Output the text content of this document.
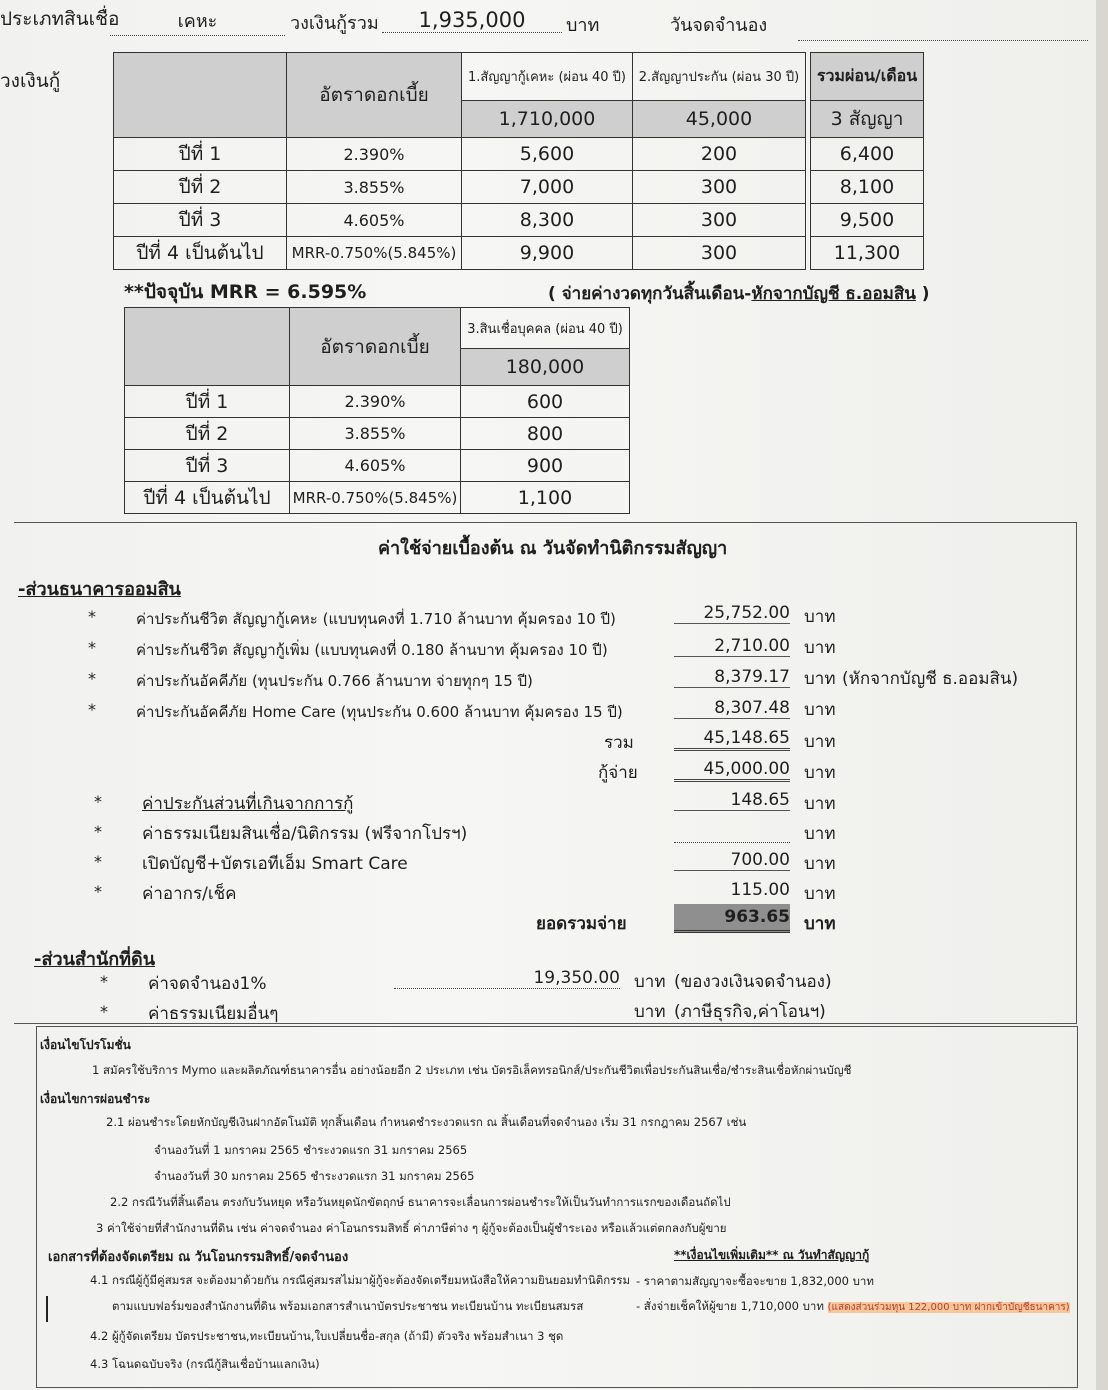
ประเภทสินเชื่อ	เคหะ	วงเงินกู้รวม	1,935,000	บาท	วันจดจำนอง
วงเงินกู้
	อัตราดอกเบี้ย	1.สัญญากู้เคหะ (ผ่อน 40 ปี)	2.สัญญาประกัน (ผ่อน 30 ปี)		รวมผ่อน/เดือน
		1,710,000	45,000		3 สัญญา
ปีที่ 1	2.390%	5,600	200		6,400
ปีที่ 2	3.855%	7,000	300		8,100
ปีที่ 3	4.605%	8,300	300		9,500
ปีที่ 4 เป็นต้นไป	MRR-0.750%(5.845%)	9,900	300		11,300
**ปัจจุบัน MRR = 6.595%	( จ่ายค่างวดทุกวันสิ้นเดือน-หักจากบัญชี ธ.ออมสิน )
	อัตราดอกเบี้ย	3.สินเชื่อบุคคล (ผ่อน 40 ปี)
		180,000
ปีที่ 1	2.390%	600
ปีที่ 2	3.855%	800
ปีที่ 3	4.605%	900
ปีที่ 4 เป็นต้นไป	MRR-0.750%(5.845%)	1,100
ค่าใช้จ่ายเบื้องต้น ณ วันจัดทำนิติกรรมสัญญา
-ส่วนธนาคารออมสิน
*	ค่าประกันชีวิต สัญญากู้เคหะ (แบบทุนคงที่ 1.710 ล้านบาท คุ้มครอง 10 ปี)	25,752.00 บาท
*	ค่าประกันชีวิต สัญญากู้เพิ่ม (แบบทุนคงที่ 0.180 ล้านบาท คุ้มครอง 10 ปี)	2,710.00 บาท
*	ค่าประกันอัคคีภัย (ทุนประกัน 0.766 ล้านบาท จ่ายทุกๆ 15 ปี)	8,379.17 บาท (หักจากบัญชี ธ.ออมสิน)
*	ค่าประกันอัคคีภัย Home Care (ทุนประกัน 0.600 ล้านบาท คุ้มครอง 15 ปี)	8,307.48 บาท
รวม	45,148.65 บาท
กู้จ่าย	45,000.00 บาท
* ค่าประกันส่วนที่เกินจากการกู้	148.65 บาท
* ค่าธรรมเนียมสินเชื่อ/นิติกรรม (ฟรีจากโปรฯ)	บาท
* เปิดบัญชี+บัตรเอทีเอ็ม Smart Care	700.00 บาท
* ค่าอากร/เช็ค	115.00 บาท
ยอดรวมจ่าย	963.65 บาท
-ส่วนสำนักที่ดิน
* ค่าจดจำนอง1%	19,350.00 บาท (ของวงเงินจดจำนอง)
* ค่าธรรมเนียมอื่นๆ	บาท (ภาษีธุรกิจ,ค่าโอนฯ)
เงื่อนไขโปรโมชั่น
1 สมัครใช้บริการ Mymo และผลิตภัณฑ์ธนาคารอื่น อย่างน้อยอีก 2 ประเภท เช่น บัตรอิเล็คทรอนิกส์/ประกันชีวิตเพื่อประกันสินเชื่อ/ชำระสินเชื่อหักผ่านบัญชี
เงื่อนไขการผ่อนชำระ
2.1 ผ่อนชำระโดยหักบัญชีเงินฝากอัตโนมัติ ทุกสิ้นเดือน กำหนดชำระงวดแรก ณ สิ้นเดือนที่จดจำนอง เริ่ม 31 กรกฎาคม 2567 เช่น
จำนองวันที่ 1 มกราคม 2565 ชำระงวดแรก 31 มกราคม 2565
จำนองวันที่ 30 มกราคม 2565 ชำระงวดแรก 31 มกราคม 2565
2.2 กรณีวันที่สิ้นเดือน ตรงกับวันหยุด หรือวันหยุดนักขัตฤกษ์ ธนาคารจะเลื่อนการผ่อนชำระให้เป็นวันทำการแรกของเดือนถัดไป
3 ค่าใช้จ่ายที่สำนักงานที่ดิน เช่น ค่าจดจำนอง ค่าโอนกรรมสิทธิ์ ค่าภาษีต่าง ๆ ผู้กู้จะต้องเป็นผู้ชำระเอง หรือแล้วแต่ตกลงกับผู้ขาย
เอกสารที่ต้องจัดเตรียม ณ วันโอนกรรมสิทธิ์/จดจำนอง
4.1 กรณีผู้กู้มีคู่สมรส จะต้องมาด้วยกัน กรณีคู่สมรสไม่มาผู้กู้จะต้องจัดเตรียมหนังสือให้ความยินยอมทำนิติกรรม
ตามแบบฟอร์มของสำนักงานที่ดิน พร้อมเอกสารสำเนาบัตรประชาชน ทะเบียนบ้าน ทะเบียนสมรส
4.2 ผู้กู้จัดเตรียม บัตรประชาชน,ทะเบียนบ้าน,ใบเปลี่ยนชื่อ-สกุล (ถ้ามี) ตัวจริง พร้อมสำเนา 3 ชุด
4.3 โฉนดฉบับจริง (กรณีกู้สินเชื่อบ้านแลกเงิน)
**เงื่อนไขเพิ่มเติม** ณ วันทำสัญญากู้
- ราคาตามสัญญาจะซื้อจะขาย 1,832,000 บาท
- สั่งจ่ายเช็คให้ผู้ขาย 1,710,000 บาท (แสดงส่วนร่วมทุน 122,000 บาท ฝากเข้าบัญชีธนาคาร)
